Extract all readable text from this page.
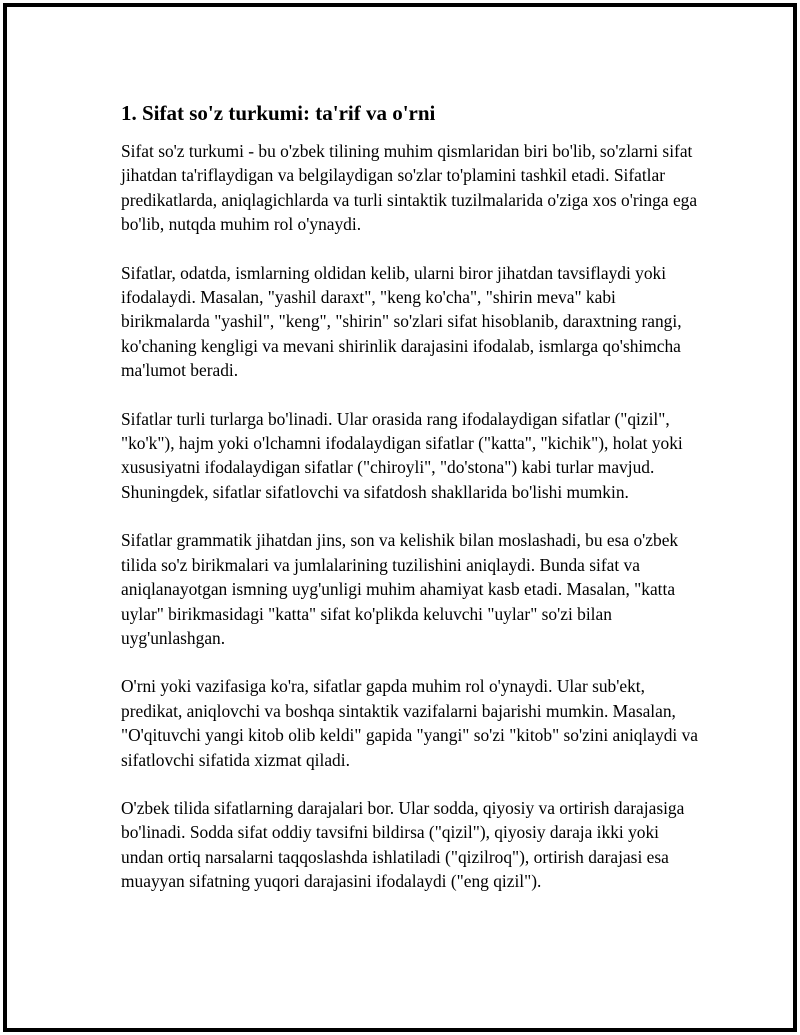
1. Sifat so'z turkumi: ta'rif va o'rni

Sifat so'z turkumi - bu o'zbek tilining muhim qismlaridan biri bo'lib, so'zlarni sifat jihatdan ta'riflaydigan va belgilaydigan so'zlar to'plamini tashkil etadi. Sifatlar predikatlarda, aniqlagichlarda va turli sintaktik tuzilmalarida o'ziga xos o'ringa ega bo'lib, nutqda muhim rol o'ynaydi.

Sifatlar, odatda, ismlarning oldidan kelib, ularni biror jihatdan tavsiflaydi yoki ifodalaydi. Masalan, "yashil daraxt", "keng ko'cha", "shirin meva" kabi birikmalarda "yashil", "keng", "shirin" so'zlari sifat hisoblanib, daraxtning rangi, ko'chaning kengligi va mevani shirinlik darajasini ifodalab, ismlarga qo'shimcha ma'lumot beradi.

Sifatlar turli turlarga bo'linadi. Ular orasida rang ifodalaydigan sifatlar ("qizil", "ko'k"), hajm yoki o'lchamni ifodalaydigan sifatlar ("katta", "kichik"), holat yoki xususiyatni ifodalaydigan sifatlar ("chiroyli", "do'stona") kabi turlar mavjud. Shuningdek, sifatlar sifatlovchi va sifatdosh shakllarida bo'lishi mumkin.

Sifatlar grammatik jihatdan jins, son va kelishik bilan moslashadi, bu esa o'zbek tilida so'z birikmalari va jumlalarining tuzilishini aniqlaydi. Bunda sifat va aniqlanayotgan ismning uyg'unligi muhim ahamiyat kasb etadi. Masalan, "katta uylar" birikmasidagi "katta" sifat ko'plikda keluvchi "uylar" so'zi bilan uyg'unlashgan.

O'rni yoki vazifasiga ko'ra, sifatlar gapda muhim rol o'ynaydi. Ular sub'ekt, predikat, aniqlovchi va boshqa sintaktik vazifalarni bajarishi mumkin. Masalan, "O'qituvchi yangi kitob olib keldi" gapida "yangi" so'zi "kitob" so'zini aniqlaydi va sifatlovchi sifatida xizmat qiladi.

O'zbek tilida sifatlarning darajalari bor. Ular sodda, qiyosiy va ortirish darajasiga bo'linadi. Sodda sifat oddiy tavsifni bildirsa ("qizil"), qiyosiy daraja ikki yoki undan ortiq narsalarni taqqoslashda ishlatiladi ("qizilroq"), ortirish darajasi esa muayyan sifatning yuqori darajasini ifodalaydi ("eng qizil").
